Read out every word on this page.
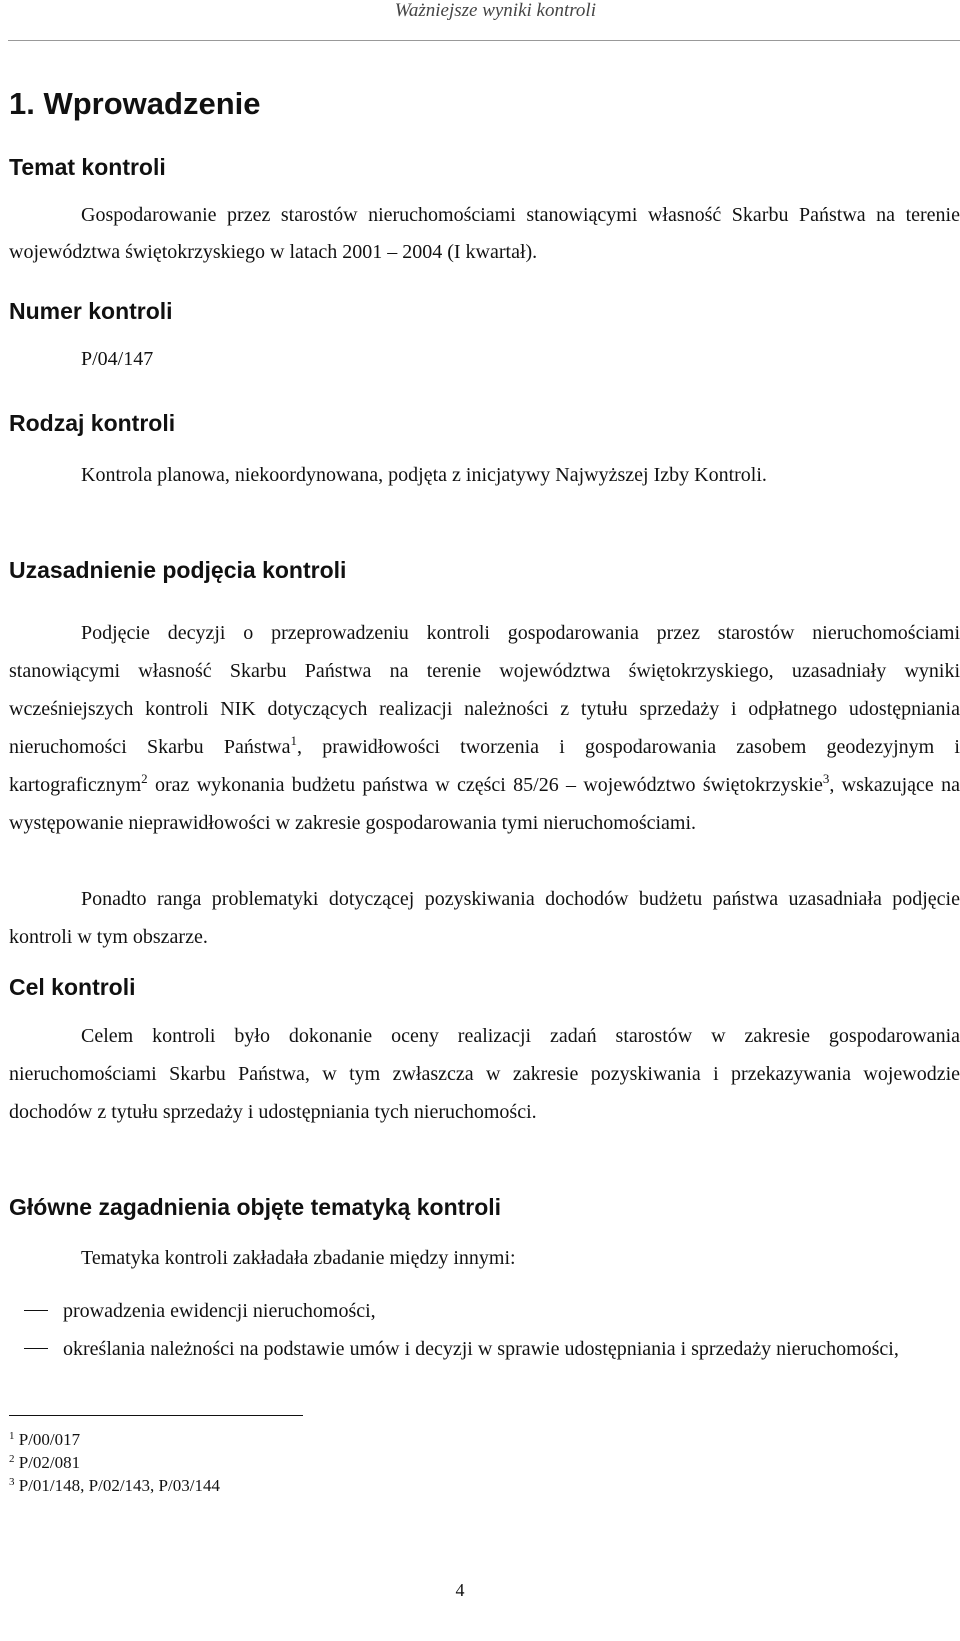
Ważniejsze wyniki kontroli
1. Wprowadzenie
Temat kontroli

Gospodarowanie przez starostów nieruchomościami stanowiącymi własność Skarbu Państwa na terenie województwa świętokrzyskiego w latach 2001 – 2004 (I kwartał).

Numer kontroli

P/04/147

Rodzaj kontroli

Kontrola planowa, niekoordynowana, podjęta z inicjatywy Najwyższej Izby Kontroli.

Uzasadnienie podjęcia kontroli

Podjęcie decyzji o przeprowadzeniu kontroli gospodarowania przez starostów nieruchomościami stanowiącymi własność Skarbu Państwa na terenie województwa świętokrzyskiego, uzasadniały wyniki wcześniejszych kontroli NIK dotyczących realizacji należności z tytułu sprzedaży i odpłatnego udostępniania nieruchomości Skarbu Państwa$^1$, prawidłowości tworzenia i gospodarowania zasobem geodezyjnym i kartograficznym$^2$ oraz wykonania budżetu państwa w części 85/26 – województwo świętokrzyskie$^3$, wskazujące na występowanie nieprawidłowości w zakresie gospodarowania tymi nieruchomościami.

Ponadto ranga problematyki dotyczącej pozyskiwania dochodów budżetu państwa uzasadniała podjęcie kontroli w tym obszarze.

Cel kontroli

Celem kontroli było dokonanie oceny realizacji zadań starostów w zakresie gospodarowania nieruchomościami Skarbu Państwa, w tym zwłaszcza w zakresie pozyskiwania i przekazywania wojewodzie dochodów z tytułu sprzedaży i udostępniania tych nieruchomości.

Główne zagadnienia objęte tematyką kontroli

Tematyka kontroli zakładała zbadanie między innymi:

prowadzenia ewidencji nieruchomości,
określania należności na podstawie umów i decyzji w sprawie udostępniania i sprzedaży nieruchomości,
$^1$ P/00/017
$^2$ P/02/081
$^3$ P/01/148, P/02/143, P/03/144
4
